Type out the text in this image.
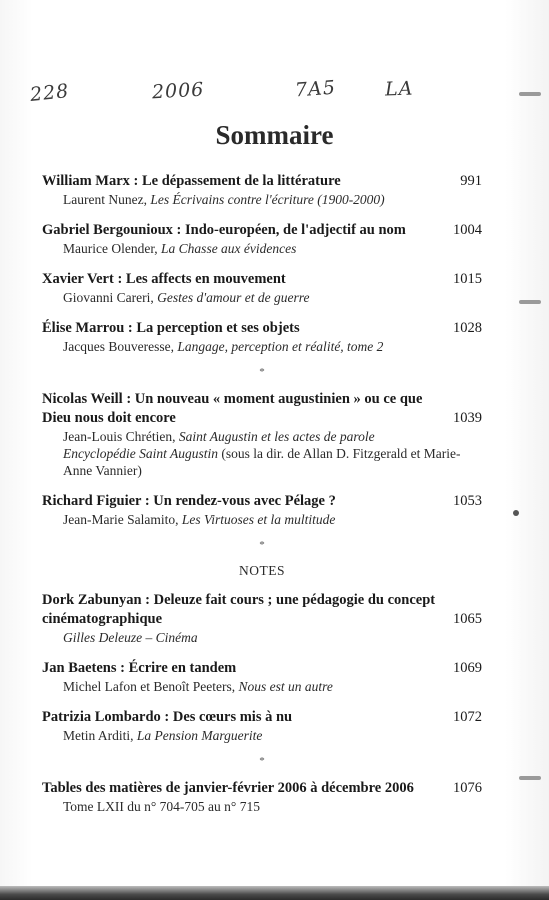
228	2006	7A5	LA
Sommaire
William Marx : Le dépassement de la littérature	991
Laurent Nunez, Les Écrivains contre l'écriture (1900-2000)
Gabriel Bergounioux : Indo-européen, de l'adjectif au nom	1004
Maurice Olender, La Chasse aux évidences
Xavier Vert : Les affects en mouvement	1015
Giovanni Careri, Gestes d'amour et de guerre
Élise Marrou : La perception et ses objets	1028
Jacques Bouveresse, Langage, perception et réalité, tome 2
*
Nicolas Weill : Un nouveau « moment augustinien » ou ce que Dieu nous doit encore	1039
Jean-Louis Chrétien, Saint Augustin et les actes de parole
Encyclopédie Saint Augustin (sous la dir. de Allan D. Fitzgerald et Marie-Anne Vannier)
Richard Figuier : Un rendez-vous avec Pélage ?	1053
Jean-Marie Salamito, Les Virtuoses et la multitude
*
NOTES
Dork Zabunyan : Deleuze fait cours ; une pédagogie du concept cinématographique	1065
Gilles Deleuze – Cinéma
Jan Baetens : Écrire en tandem	1069
Michel Lafon et Benoît Peeters, Nous est un autre
Patrizia Lombardo : Des cœurs mis à nu	1072
Metin Arditi, La Pension Marguerite
*
Tables des matières de janvier-février 2006 à décembre 2006	1076
Tome LXII du n° 704-705 au n° 715
